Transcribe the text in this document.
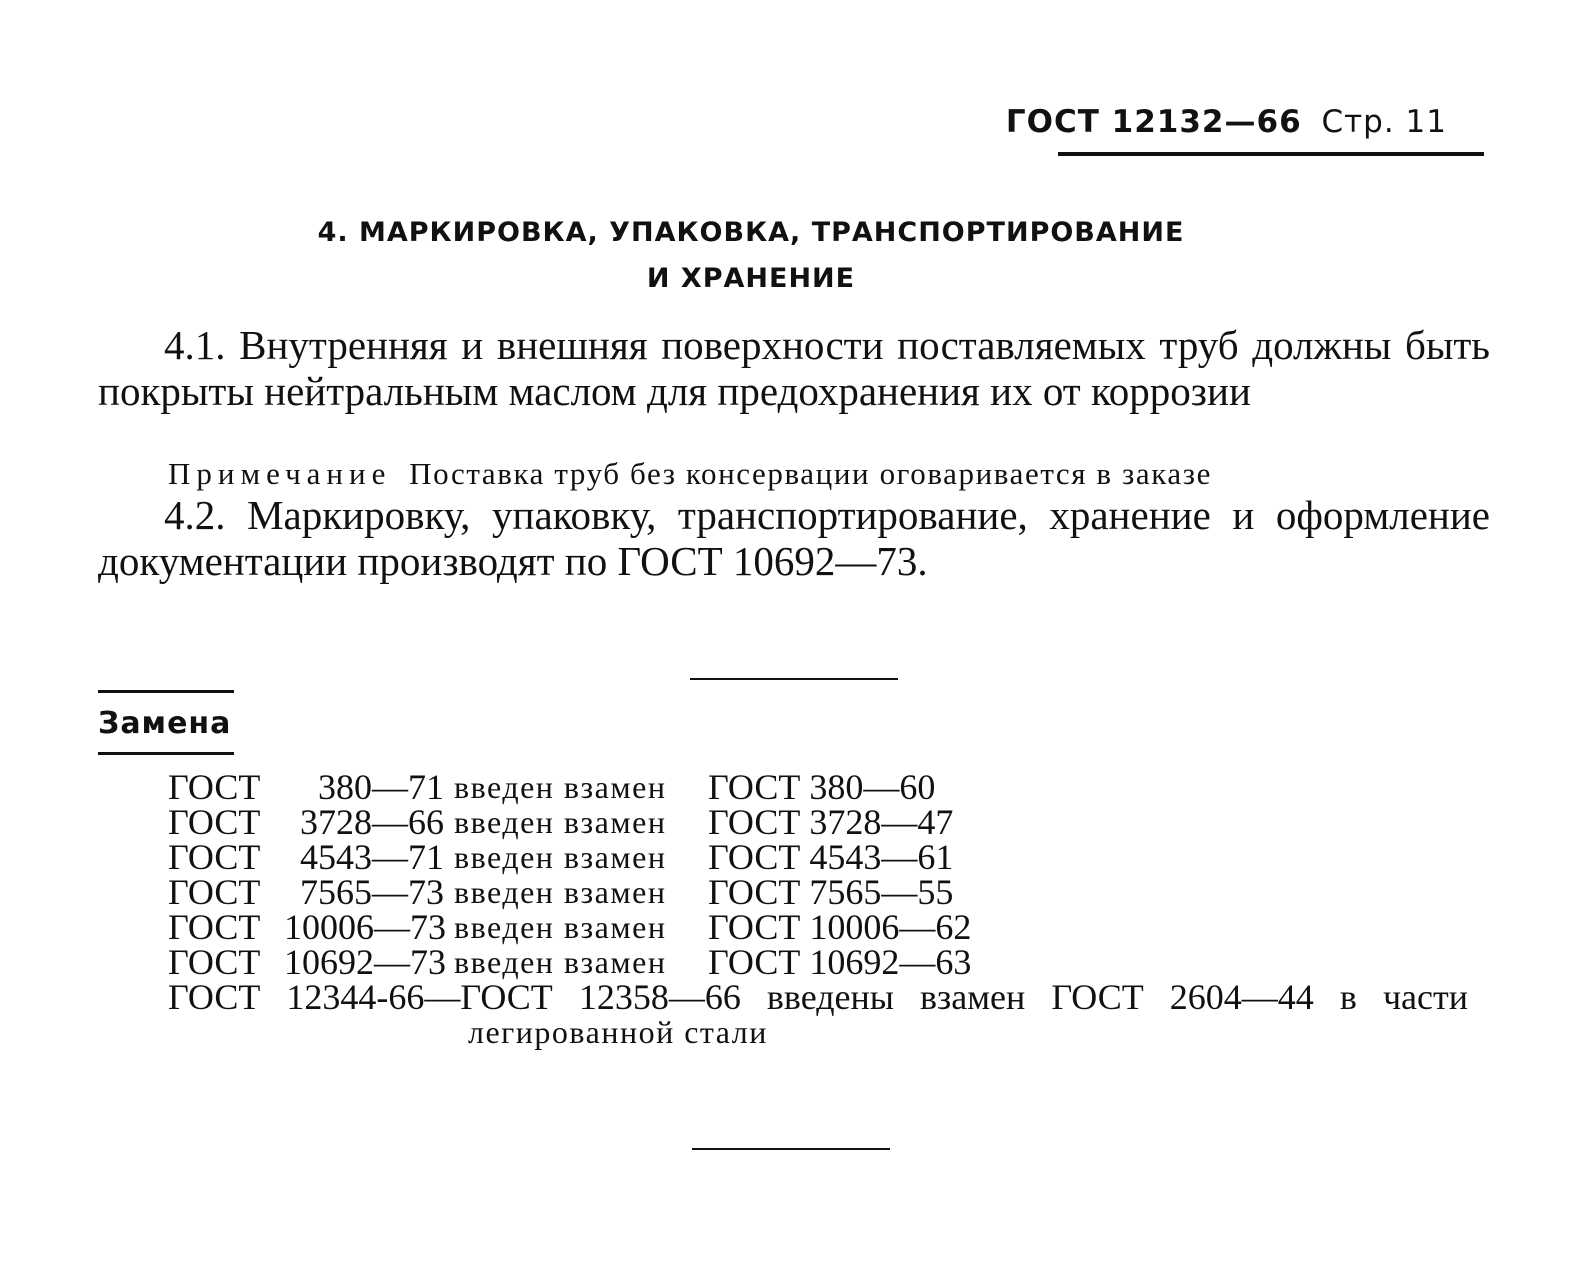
ГОСТ 12132—66 Стр. 11
4. МАРКИРОВКА, УПАКОВКА, ТРАНСПОРТИРОВАНИЕ
И ХРАНЕНИЕ
4.1. Внутренняя и внешняя поверхности поставляемых труб должны быть покрыты нейтральным маслом для предохранения их от коррозии
Примечание Поставка труб без консервации оговаривается в заказе
4.2. Маркировку, упаковку, транспортирование, хранение и оформление документации производят по ГОСТ 10692—73.
Замена
ГОСТ	380—71 введен взамен ГОСТ 380—60
ГОСТ	3728—66 введен взамен ГОСТ 3728—47
ГОСТ	4543—71 введен взамен ГОСТ 4543—61
ГОСТ	7565—73 введен взамен ГОСТ 7565—55
ГОСТ 10006—73 введен взамен ГОСТ 10006—62
ГОСТ 10692—73 введен взамен ГОСТ 10692—63
ГОСТ 12344-66—ГОСТ 12358—66 введены взамен ГОСТ 2604—44 в части
легированной стали
